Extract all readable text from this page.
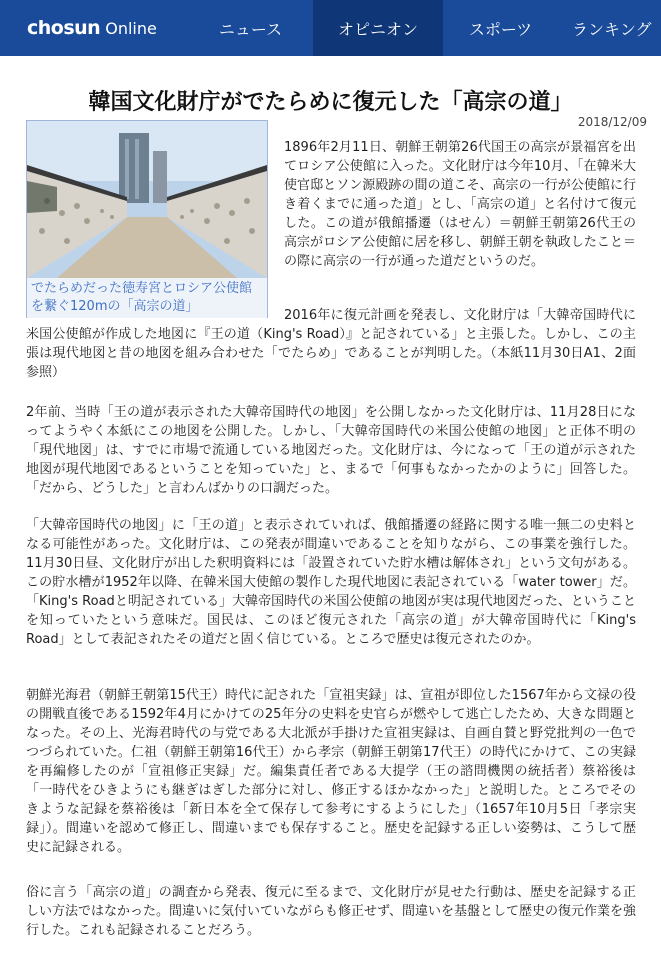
chosun Online	ニュース	オピニオン	スポーツ	ランキング
韓国文化財庁がでたらめに復元した「高宗の道」
2018/12/09
でたらめだった徳寿宮とロシア公使館を繋ぐ120mの「高宗の道」

1896年2月11日、朝鮮王朝第26代国王の高宗が景福宮を出てロシア公使館に入った。文化財庁は今年10月、「在韓米大使官邸とソン源殿跡の間の道こそ、高宗の一行が公使館に行き着くまでに通った道」とし、「高宗の道」と名付けて復元した。この道が俄館播遷（はせん）＝朝鮮王朝第26代王の高宗がロシア公使館に居を移し、朝鮮王朝を執政したこと＝の際に高宗の一行が通った道だというのだ。

2016年に復元計画を発表し、文化財庁は「大韓帝国時代に米国公使館が作成した地図に『王の道（King's Road）』と記されている」と主張した。しかし、この主張は現代地図と昔の地図を組み合わせた「でたらめ」であることが判明した。（本紙11月30日A1、2面参照）

2年前、当時「王の道が表示された大韓帝国時代の地図」を公開しなかった文化財庁は、11月28日になってようやく本紙にこの地図を公開した。しかし、「大韓帝国時代の米国公使館の地図」と正体不明の「現代地図」は、すでに市場で流通している地図だった。文化財庁は、今になって「王の道が示された地図が現代地図であるということを知っていた」と、まるで「何事もなかったかのように」回答した。「だから、どうした」と言わんばかりの口調だった。

「大韓帝国時代の地図」に「王の道」と表示されていれば、俄館播遷の経路に関する唯一無二の史料となる可能性があった。文化財庁は、この発表が間違いであることを知りながら、この事業を強行した。11月30日昼、文化財庁が出した釈明資料には「設置されていた貯水槽は解体され」という文句がある。この貯水槽が1952年以降、在韓米国大使館の製作した現代地図に表記されている「water tower」だ。「King's Roadと明記されている」大韓帝国時代の米国公使館の地図が実は現代地図だった、ということを知っていたという意味だ。国民は、このほど復元された「高宗の道」が大韓帝国時代に「King's Road」として表記されたその道だと固く信じている。ところで歴史は復元されたのか。

朝鮮光海君（朝鮮王朝第15代王）時代に記された「宣祖実録」は、宣祖が即位した1567年から文禄の役の開戦直後である1592年4月にかけての25年分の史料を史官らが燃やして逃亡したため、大きな問題となった。その上、光海君時代の与党である大北派が手掛けた宣祖実録は、自画自賛と野党批判の一色でつづられていた。仁祖（朝鮮王朝第16代王）から孝宗（朝鮮王朝第17代王）の時代にかけて、この実録を再編修したのが「宣祖修正実録」だ。編集責任者である大提学（王の諮問機関の統括者）蔡裕後は「一時代をひきようにも継ぎはぎした部分に対し、修正するほかなかった」と説明した。ところでそのきような記録を蔡裕後は「新日本を全て保存して参考にするようにした」（1657年10月5日「孝宗実録」）。間違いを認めて修正し、間違いまでも保存すること。歴史を記録する正しい姿勢は、こうして歴史に記録される。

俗に言う「高宗の道」の調査から発表、復元に至るまで、文化財庁が見せた行動は、歴史を記録する正しい方法ではなかった。間違いに気付いていながらも修正せず、間違いを基盤として歴史の復元作業を強行した。これも記録されることだろう。
